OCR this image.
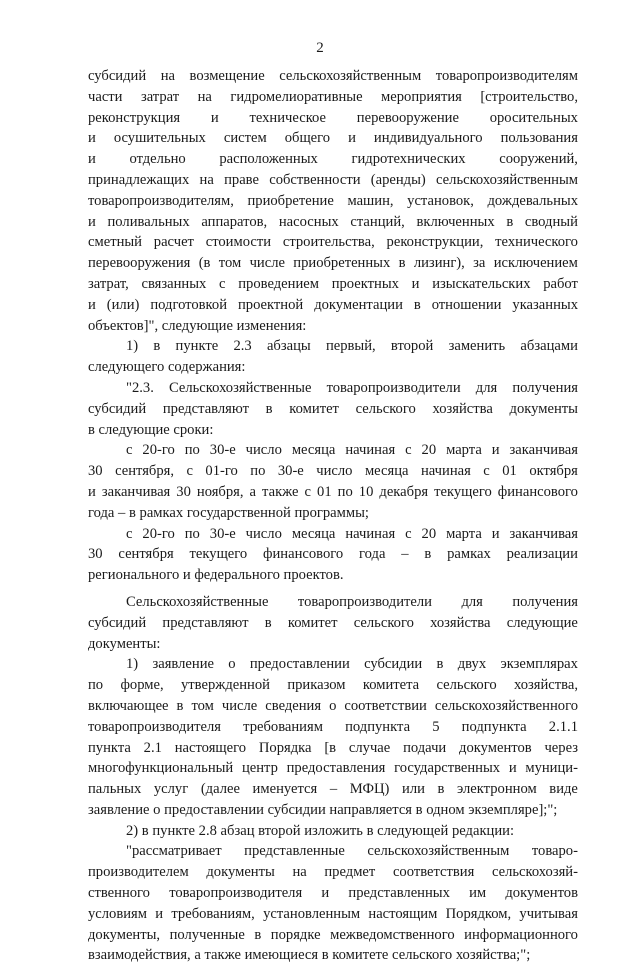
2
субсидий на возмещение сельскохозяйственным товаропроизводителям
части затрат на гидромелиоративные мероприятия [строительство,
реконструкция и техническое перевооружение оросительных
и осушительных систем общего и индивидуального пользования
и отдельно расположенных гидротехнических сооружений,
принадлежащих на праве собственности (аренды) сельскохозяйственным
товаропроизводителям, приобретение машин, установок, дождевальных
и поливальных аппаратов, насосных станций, включенных в сводный
сметный расчет стоимости строительства, реконструкции, технического
перевооружения (в том числе приобретенных в лизинг), за исключением
затрат, связанных с проведением проектных и изыскательских работ
и (или) подготовкой проектной документации в отношении указанных
объектов]", следующие изменения:
1) в пункте 2.3 абзацы первый, второй заменить абзацами
следующего содержания:
"2.3. Сельскохозяйственные товаропроизводители для получения
субсидий представляют в комитет сельского хозяйства документы
в следующие сроки:
с 20-го по 30-е число месяца начиная с 20 марта и заканчивая
30 сентября, с 01-го по 30-е число месяца начиная с 01 октября
и заканчивая 30 ноября, а также с 01 по 10 декабря текущего финансового
года – в рамках государственной программы;
с 20-го по 30-е число месяца начиная с 20 марта и заканчивая
30 сентября текущего финансового года – в рамках реализации
регионального и федерального проектов.
Сельскохозяйственные товаропроизводители для получения
субсидий представляют в комитет сельского хозяйства следующие
документы:
1) заявление о предоставлении субсидии в двух экземплярах
по форме, утвержденной приказом комитета сельского хозяйства,
включающее в том числе сведения о соответствии сельскохозяйственного
товаропроизводителя требованиям подпункта 5 подпункта 2.1.1
пункта 2.1 настоящего Порядка [в случае подачи документов через
многофункциональный центр предоставления государственных и муници-
пальных услуг (далее именуется – МФЦ) или в электронном виде
заявление о предоставлении субсидии направляется в одном экземпляре];";
2) в пункте 2.8 абзац второй изложить в следующей редакции:
"рассматривает представленные сельскохозяйственным товаро-
производителем документы на предмет соответствия сельскохозяй-
ственного товаропроизводителя и представленных им документов
условиям и требованиям, установленным настоящим Порядком, учитывая
документы, полученные в порядке межведомственного информационного
взаимодействия, а также имеющиеся в комитете сельского хозяйства;";
